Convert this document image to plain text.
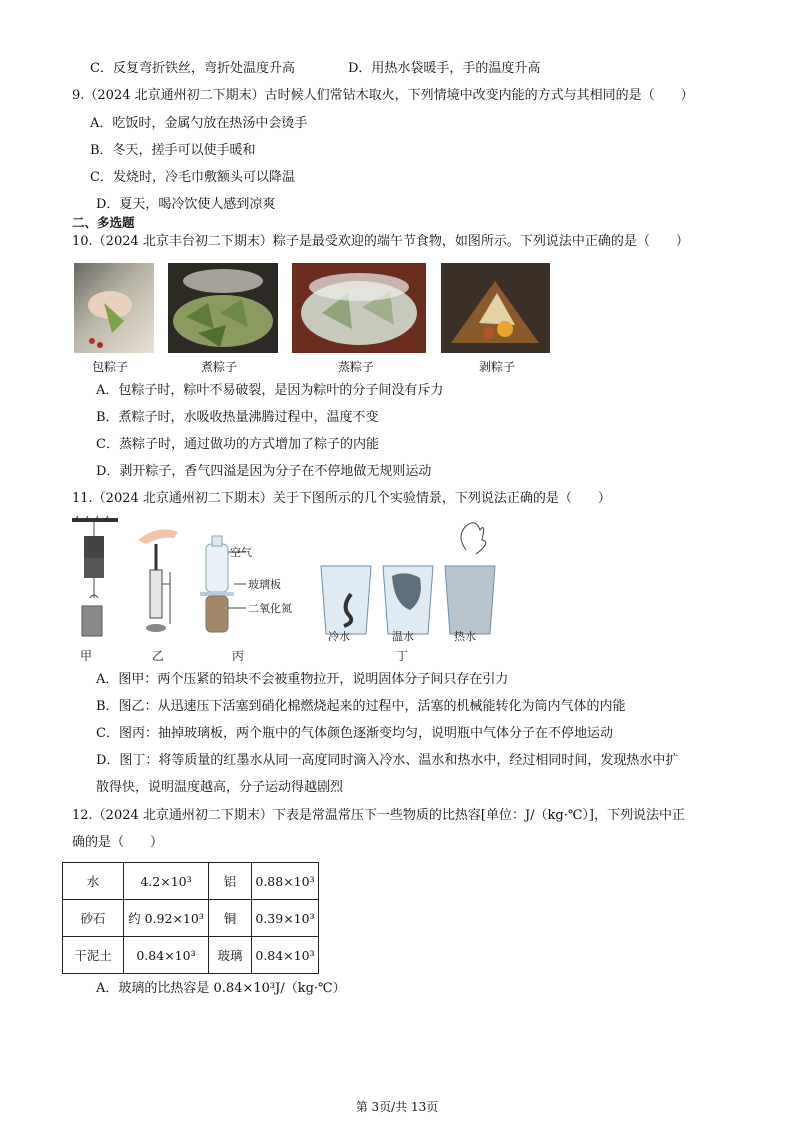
C．反复弯折铁丝，弯折处温度升高	D．用热水袋暖手，手的温度升高
9.（2024 北京通州初二下期末）古时候人们常钻木取火，下列情境中改变内能的方式与其相同的是（　　）
A．吃饭时，金属勺放在热汤中会烫手
B．冬天，搓手可以使手暖和
C．发烧时，冷毛巾敷额头可以降温
D．夏天，喝冷饮使人感到凉爽
二、多选题
10.（2024 北京丰台初二下期末）粽子是最受欢迎的端午节食物，如图所示。下列说法中正确的是（　　）
包粽子	煮粽子	蒸粽子	剥粽子
A．包粽子时，粽叶不易破裂，是因为粽叶的分子间没有斥力
B．煮粽子时，水吸收热量沸腾过程中，温度不变
C．蒸粽子时，通过做功的方式增加了粽子的内能
D．剥开粽子，香气四溢是因为分子在不停地做无规则运动
11.（2024 北京通州初二下期末）关于下图所示的几个实验情景，下列说法正确的是（　　）
空气
玻璃板
二氧化氮
冷水	温水	热水
甲	乙	丙	丁
A．图甲：两个压紧的铅块不会被重物拉开，说明固体分子间只存在引力
B．图乙：从迅速压下活塞到硝化棉燃烧起来的过程中，活塞的机械能转化为筒内气体的内能
C．图丙：抽掉玻璃板，两个瓶中的气体颜色逐渐变均匀，说明瓶中气体分子在不停地运动
D．图丁：将等质量的红墨水从同一高度同时滴入冷水、温水和热水中，经过相同时间，发现热水中扩
散得快，说明温度越高，分子运动得越剧烈
12.（2024 北京通州初二下期末）下表是常温常压下一些物质的比热容[单位：J/（kg·℃）]，下列说法中正
确的是（　　）
水	4.2×10³	铝	0.88×10³
砂石	约 0.92×10³	铜	0.39×10³
干泥土	0.84×10³	玻璃	0.84×10³
A．玻璃的比热容是 0.84×10³J/（kg·℃）
第 3页/共 13页
